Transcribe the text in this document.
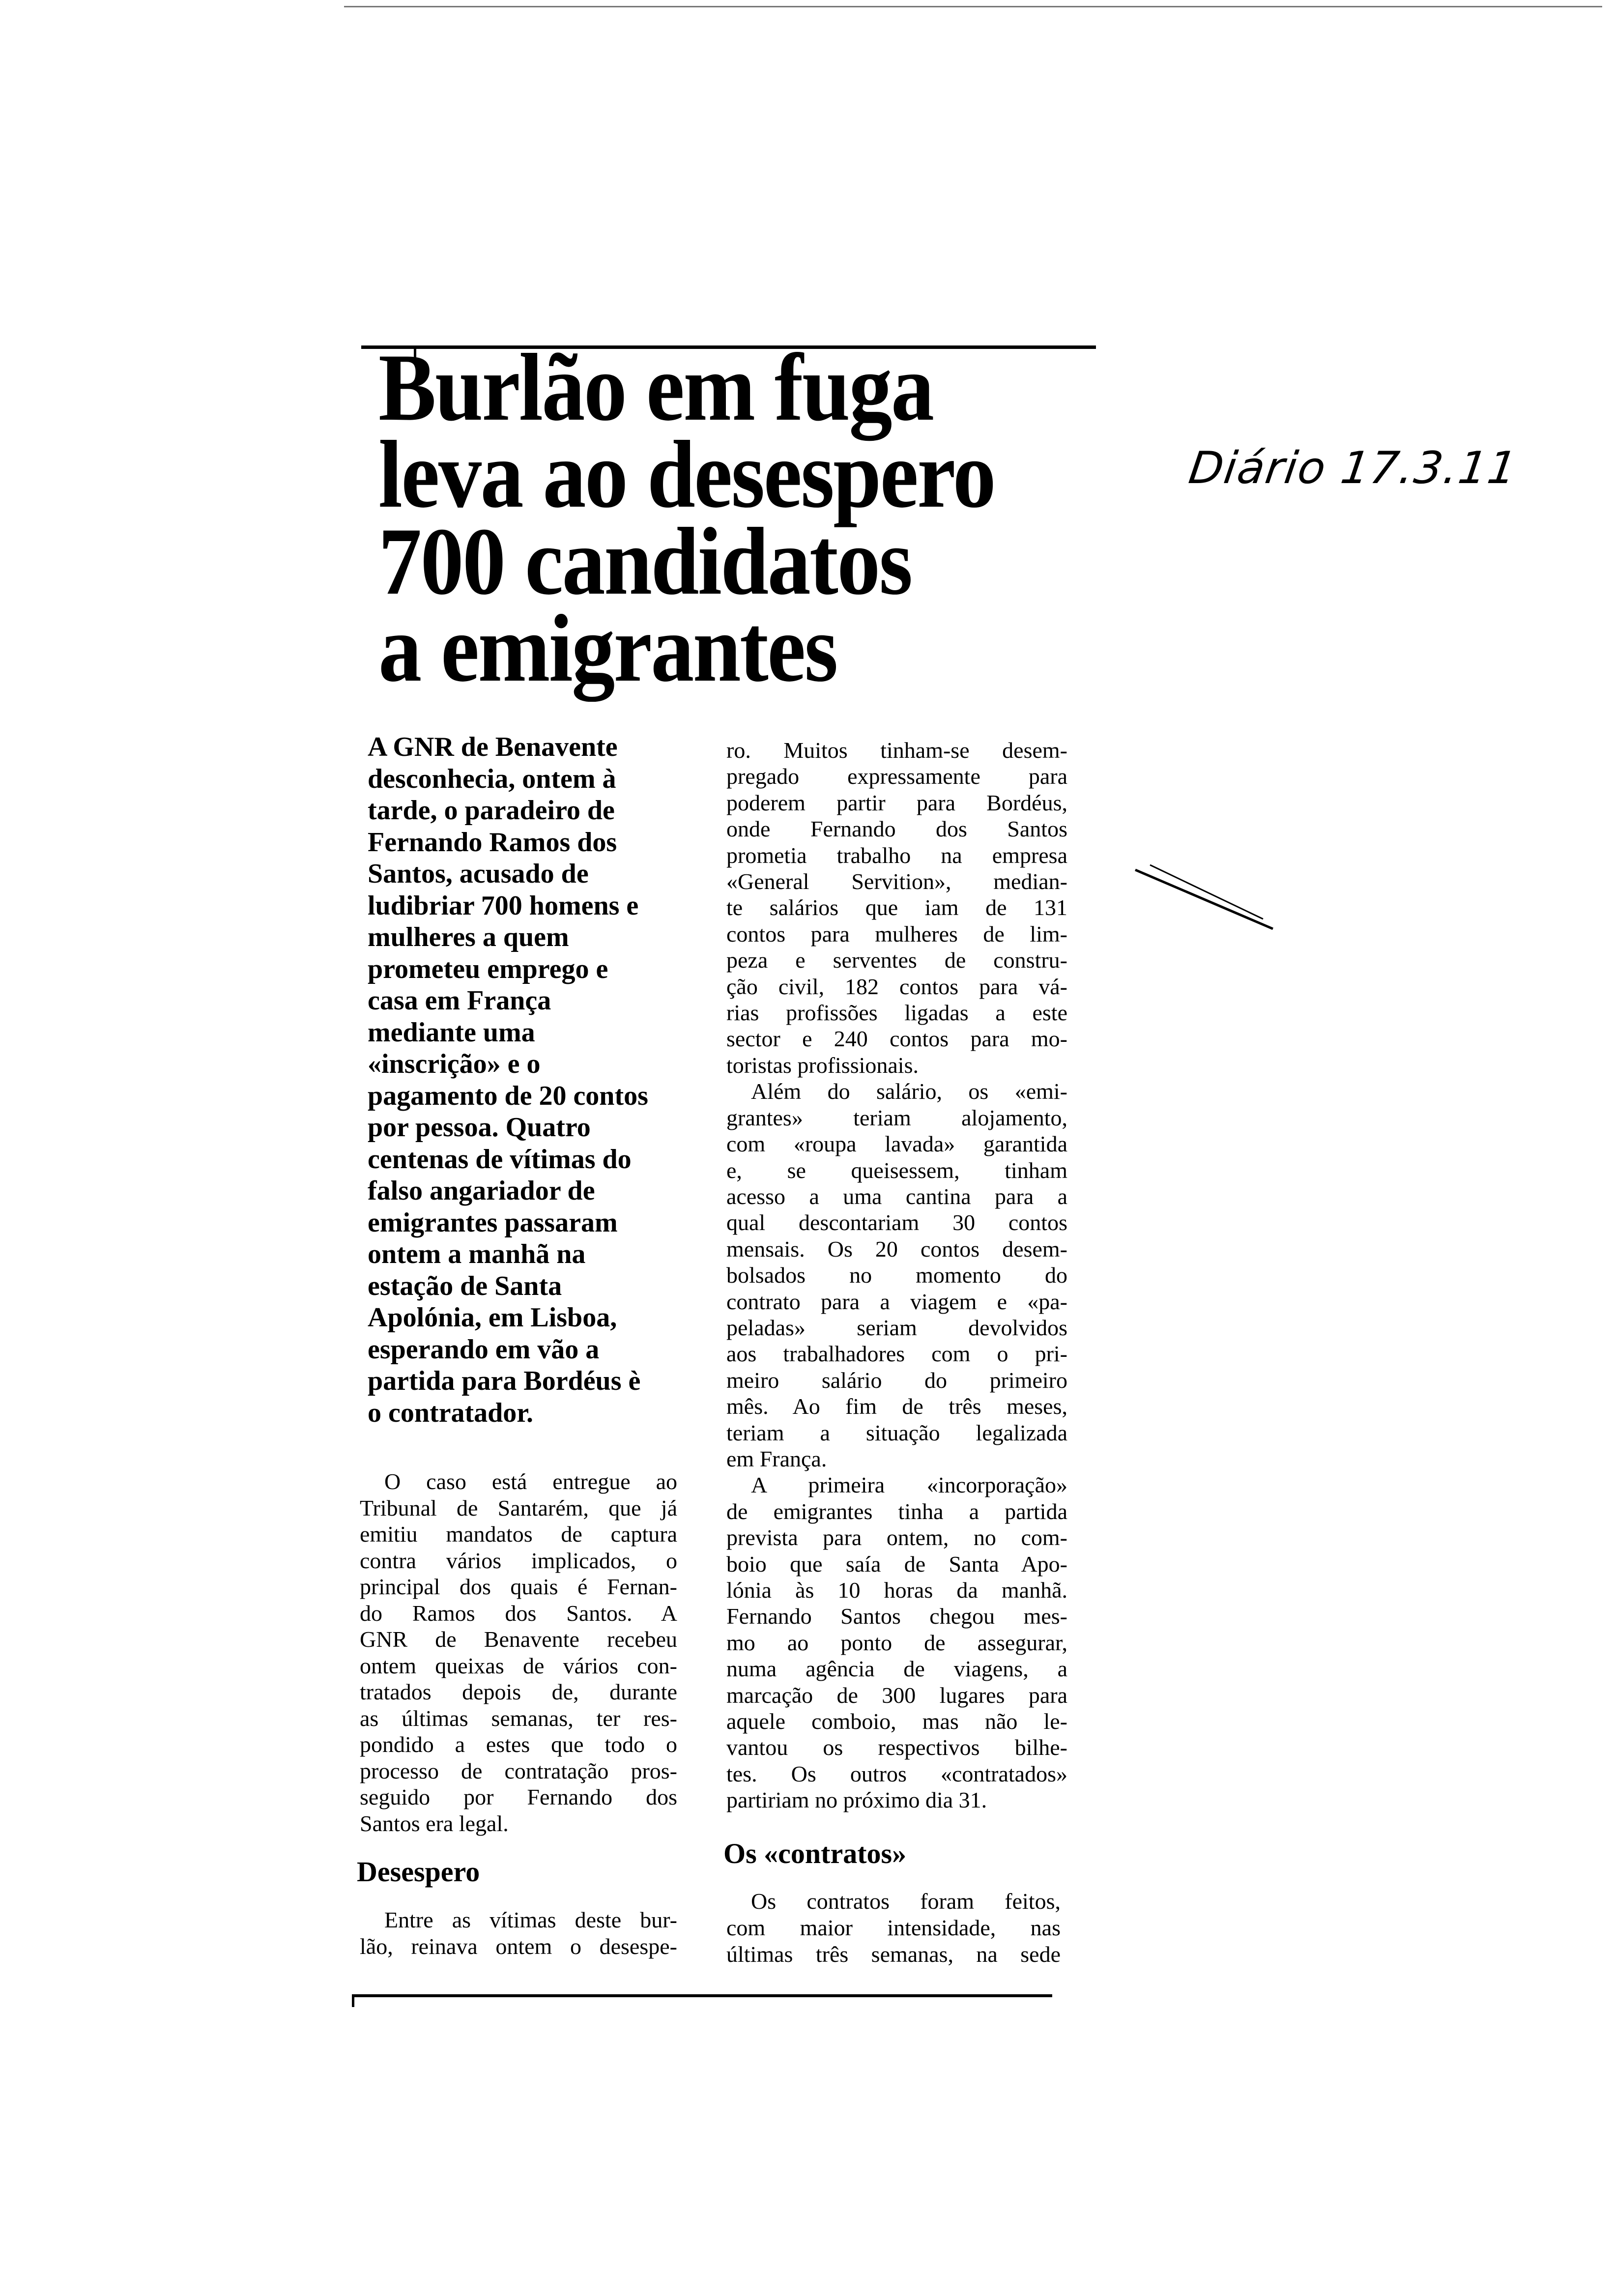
Burlão em fuga
leva ao desespero
700 candidatos
a emigrantes
Diário 17.3.11
A GNR de Benavente
desconhecia, ontem à
tarde, o paradeiro de
Fernando Ramos dos
Santos, acusado de
ludibriar 700 homens e
mulheres a quem
prometeu emprego e
casa em França
mediante uma
«inscrição» e o
pagamento de 20 contos
por pessoa. Quatro
centenas de vítimas do
falso angariador de
emigrantes passaram
ontem a manhã na
estação de Santa
Apolónia, em Lisboa,
esperando em vão a
partida para Bordéus è
o contratador.
O caso está entregue ao
Tribunal de Santarém, que já
emitiu mandatos de captura
contra vários implicados, o
principal dos quais é Fernan-
do Ramos dos Santos. A
GNR de Benavente recebeu
ontem queixas de vários con-
tratados depois de, durante
as últimas semanas, ter res-
pondido a estes que todo o
processo de contratação pros-
seguido por Fernando dos
Santos era legal.
Desespero
Entre as vítimas deste bur-
lão, reinava ontem o desespe-
ro. Muitos tinham-se desem-
pregado expressamente para
poderem partir para Bordéus,
onde Fernando dos Santos
prometia trabalho na empresa
«General Servition», median-
te salários que iam de 131
contos para mulheres de lim-
peza e serventes de constru-
ção civil, 182 contos para vá-
rias profissões ligadas a este
sector e 240 contos para mo-
toristas profissionais.
Além do salário, os «emi-
grantes» teriam alojamento,
com «roupa lavada» garantida
e, se queisessem, tinham
acesso a uma cantina para a
qual descontariam 30 contos
mensais. Os 20 contos desem-
bolsados no momento do
contrato para a viagem e «pa-
peladas» seriam devolvidos
aos trabalhadores com o pri-
meiro salário do primeiro
mês. Ao fim de três meses,
teriam a situação legalizada
em França.
A primeira «incorporação»
de emigrantes tinha a partida
prevista para ontem, no com-
boio que saía de Santa Apo-
lónia às 10 horas da manhã.
Fernando Santos chegou mes-
mo ao ponto de assegurar,
numa agência de viagens, a
marcação de 300 lugares para
aquele comboio, mas não le-
vantou os respectivos bilhe-
tes. Os outros «contratados»
partiriam no próximo dia 31.
Os «contratos»
Os contratos foram feitos,
com maior intensidade, nas
últimas três semanas, na sede
